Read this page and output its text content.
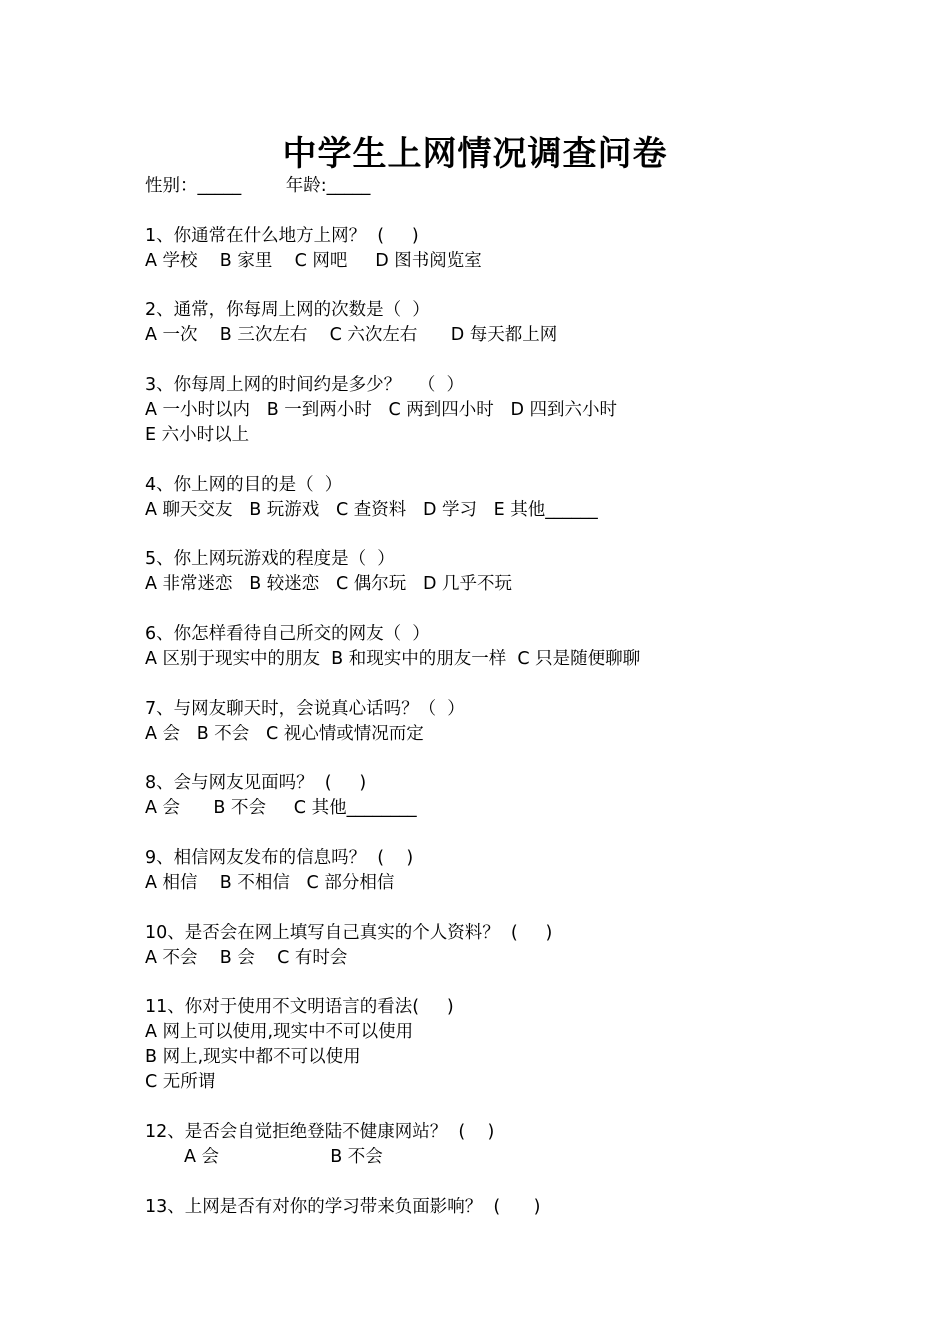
中学生上网情况调查问卷
性别：_____        年龄:_____
1、你通常在什么地方上网？  (     )
A 学校    B 家里    C 网吧     D 图书阅览室
2、通常，你每周上网的次数是（  ）
A 一次    B 三次左右    C 六次左右      D 每天都上网
3、你每周上网的时间约是多少？   （  ）
A 一小时以内   B 一到两小时   C 两到四小时   D 四到六小时
E 六小时以上
4、你上网的目的是（  ）
A 聊天交友   B 玩游戏   C 查资料   D 学习   E 其他______
5、你上网玩游戏的程度是（  ）
A 非常迷恋   B 较迷恋   C 偶尔玩   D 几乎不玩
6、你怎样看待自己所交的网友（  ）
A 区别于现实中的朋友  B 和现实中的朋友一样  C 只是随便聊聊
7、与网友聊天时，会说真心话吗？（  ）
A 会   B 不会   C 视心情或情况而定
8、会与网友见面吗？  (     )
A 会      B 不会     C 其他________
9、相信网友发布的信息吗？  (    )
A 相信    B 不相信   C 部分相信
10、是否会在网上填写自己真实的个人资料？  (     )
A 不会    B 会    C 有时会
11、你对于使用不文明语言的看法(     )
A 网上可以使用,现实中不可以使用
B 网上,现实中都不可以使用
C 无所谓
12、是否会自觉拒绝登陆不健康网站？  (    )
A 会                    B 不会
13、上网是否有对你的学习带来负面影响？  (      )
